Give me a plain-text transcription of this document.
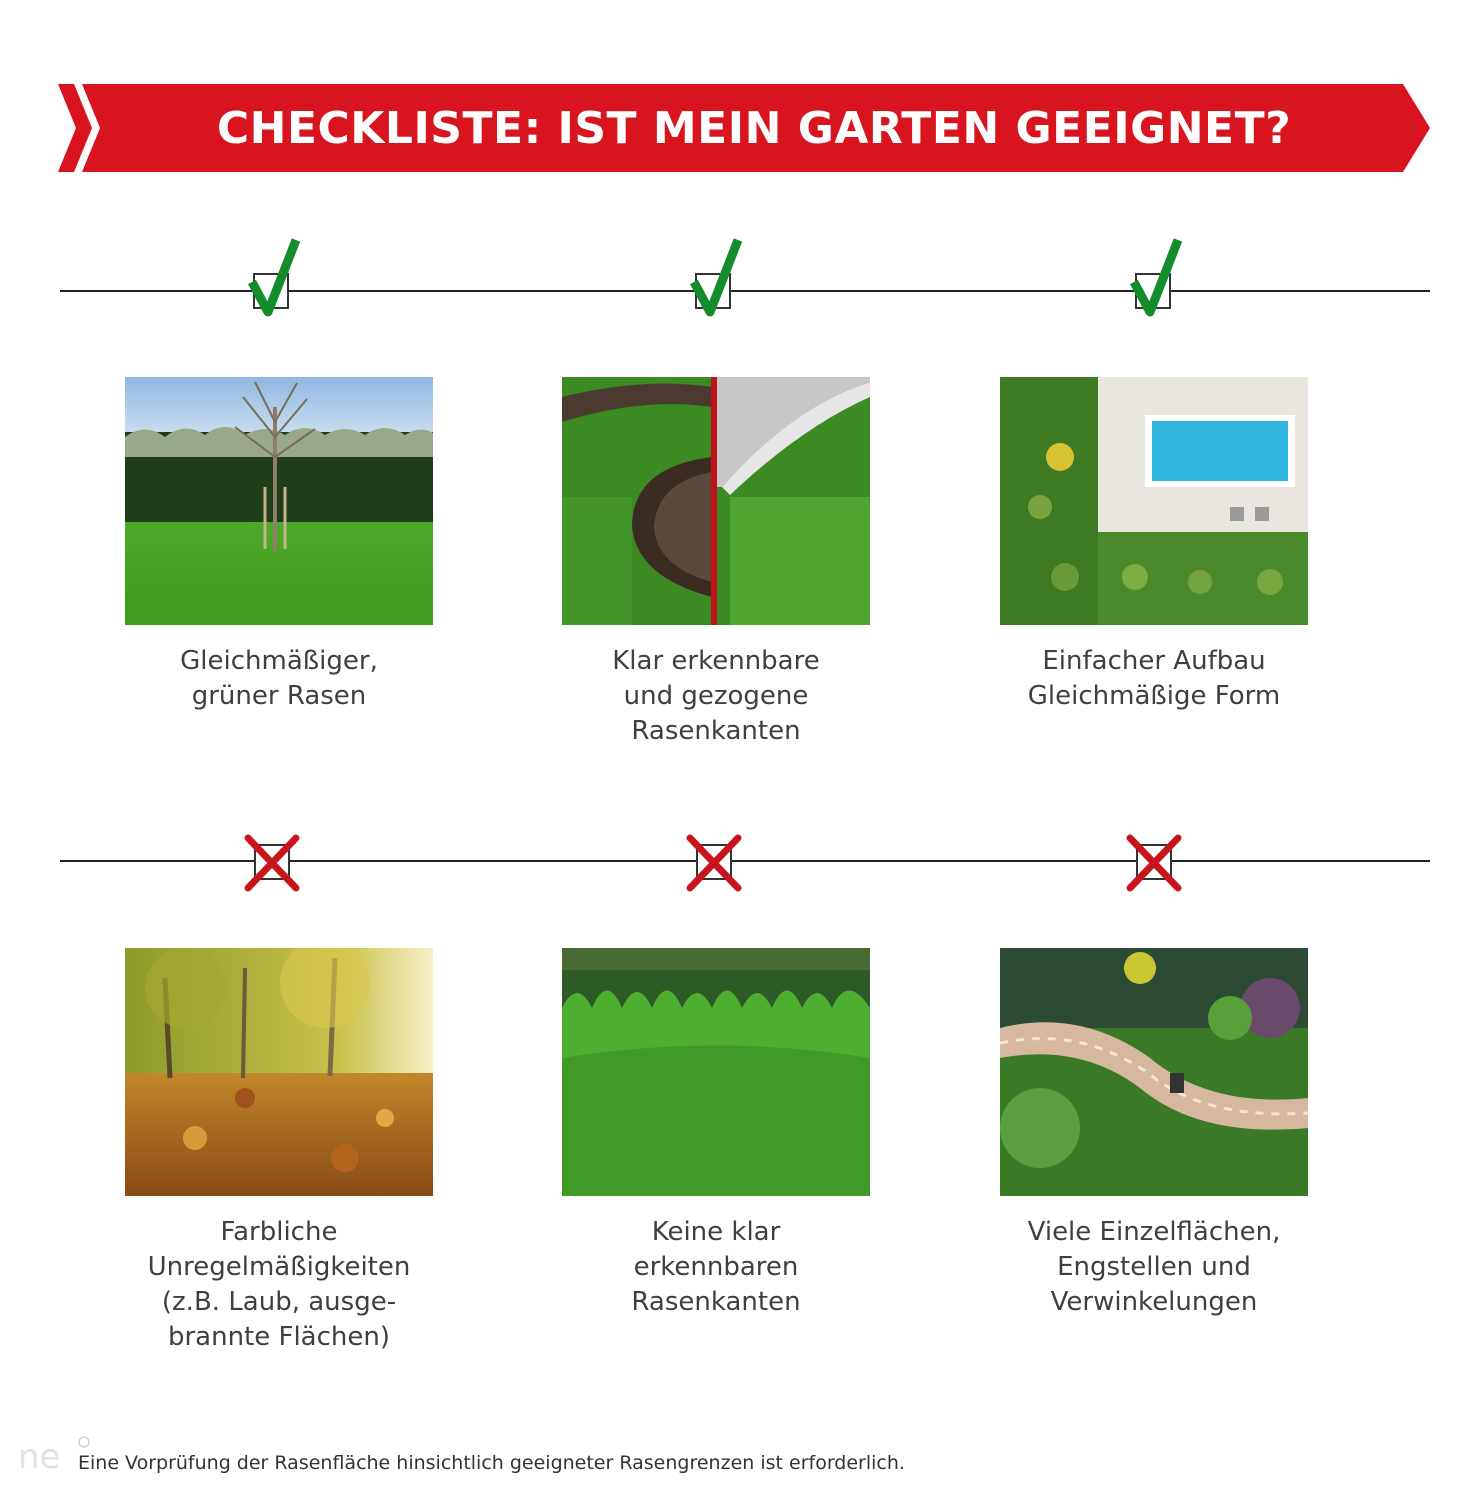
CHECKLISTE: IST MEIN GARTEN GEEIGNET?
Gleichmäßiger,
grüner Rasen
Klar erkennbare
und gezogene
Rasenkanten
Einfacher Aufbau
Gleichmäßige Form
Farbliche
Unregelmäßigkeiten
(z.B. Laub, ausge-
brannte Flächen)
Keine klar
erkennbaren
Rasenkanten
Viele Einzelflächen,
Engstellen und
Verwinkelungen
ne Eine Vorprüfung der Rasenfläche hinsichtlich geeigneter Rasengrenzen ist erforderlich.
